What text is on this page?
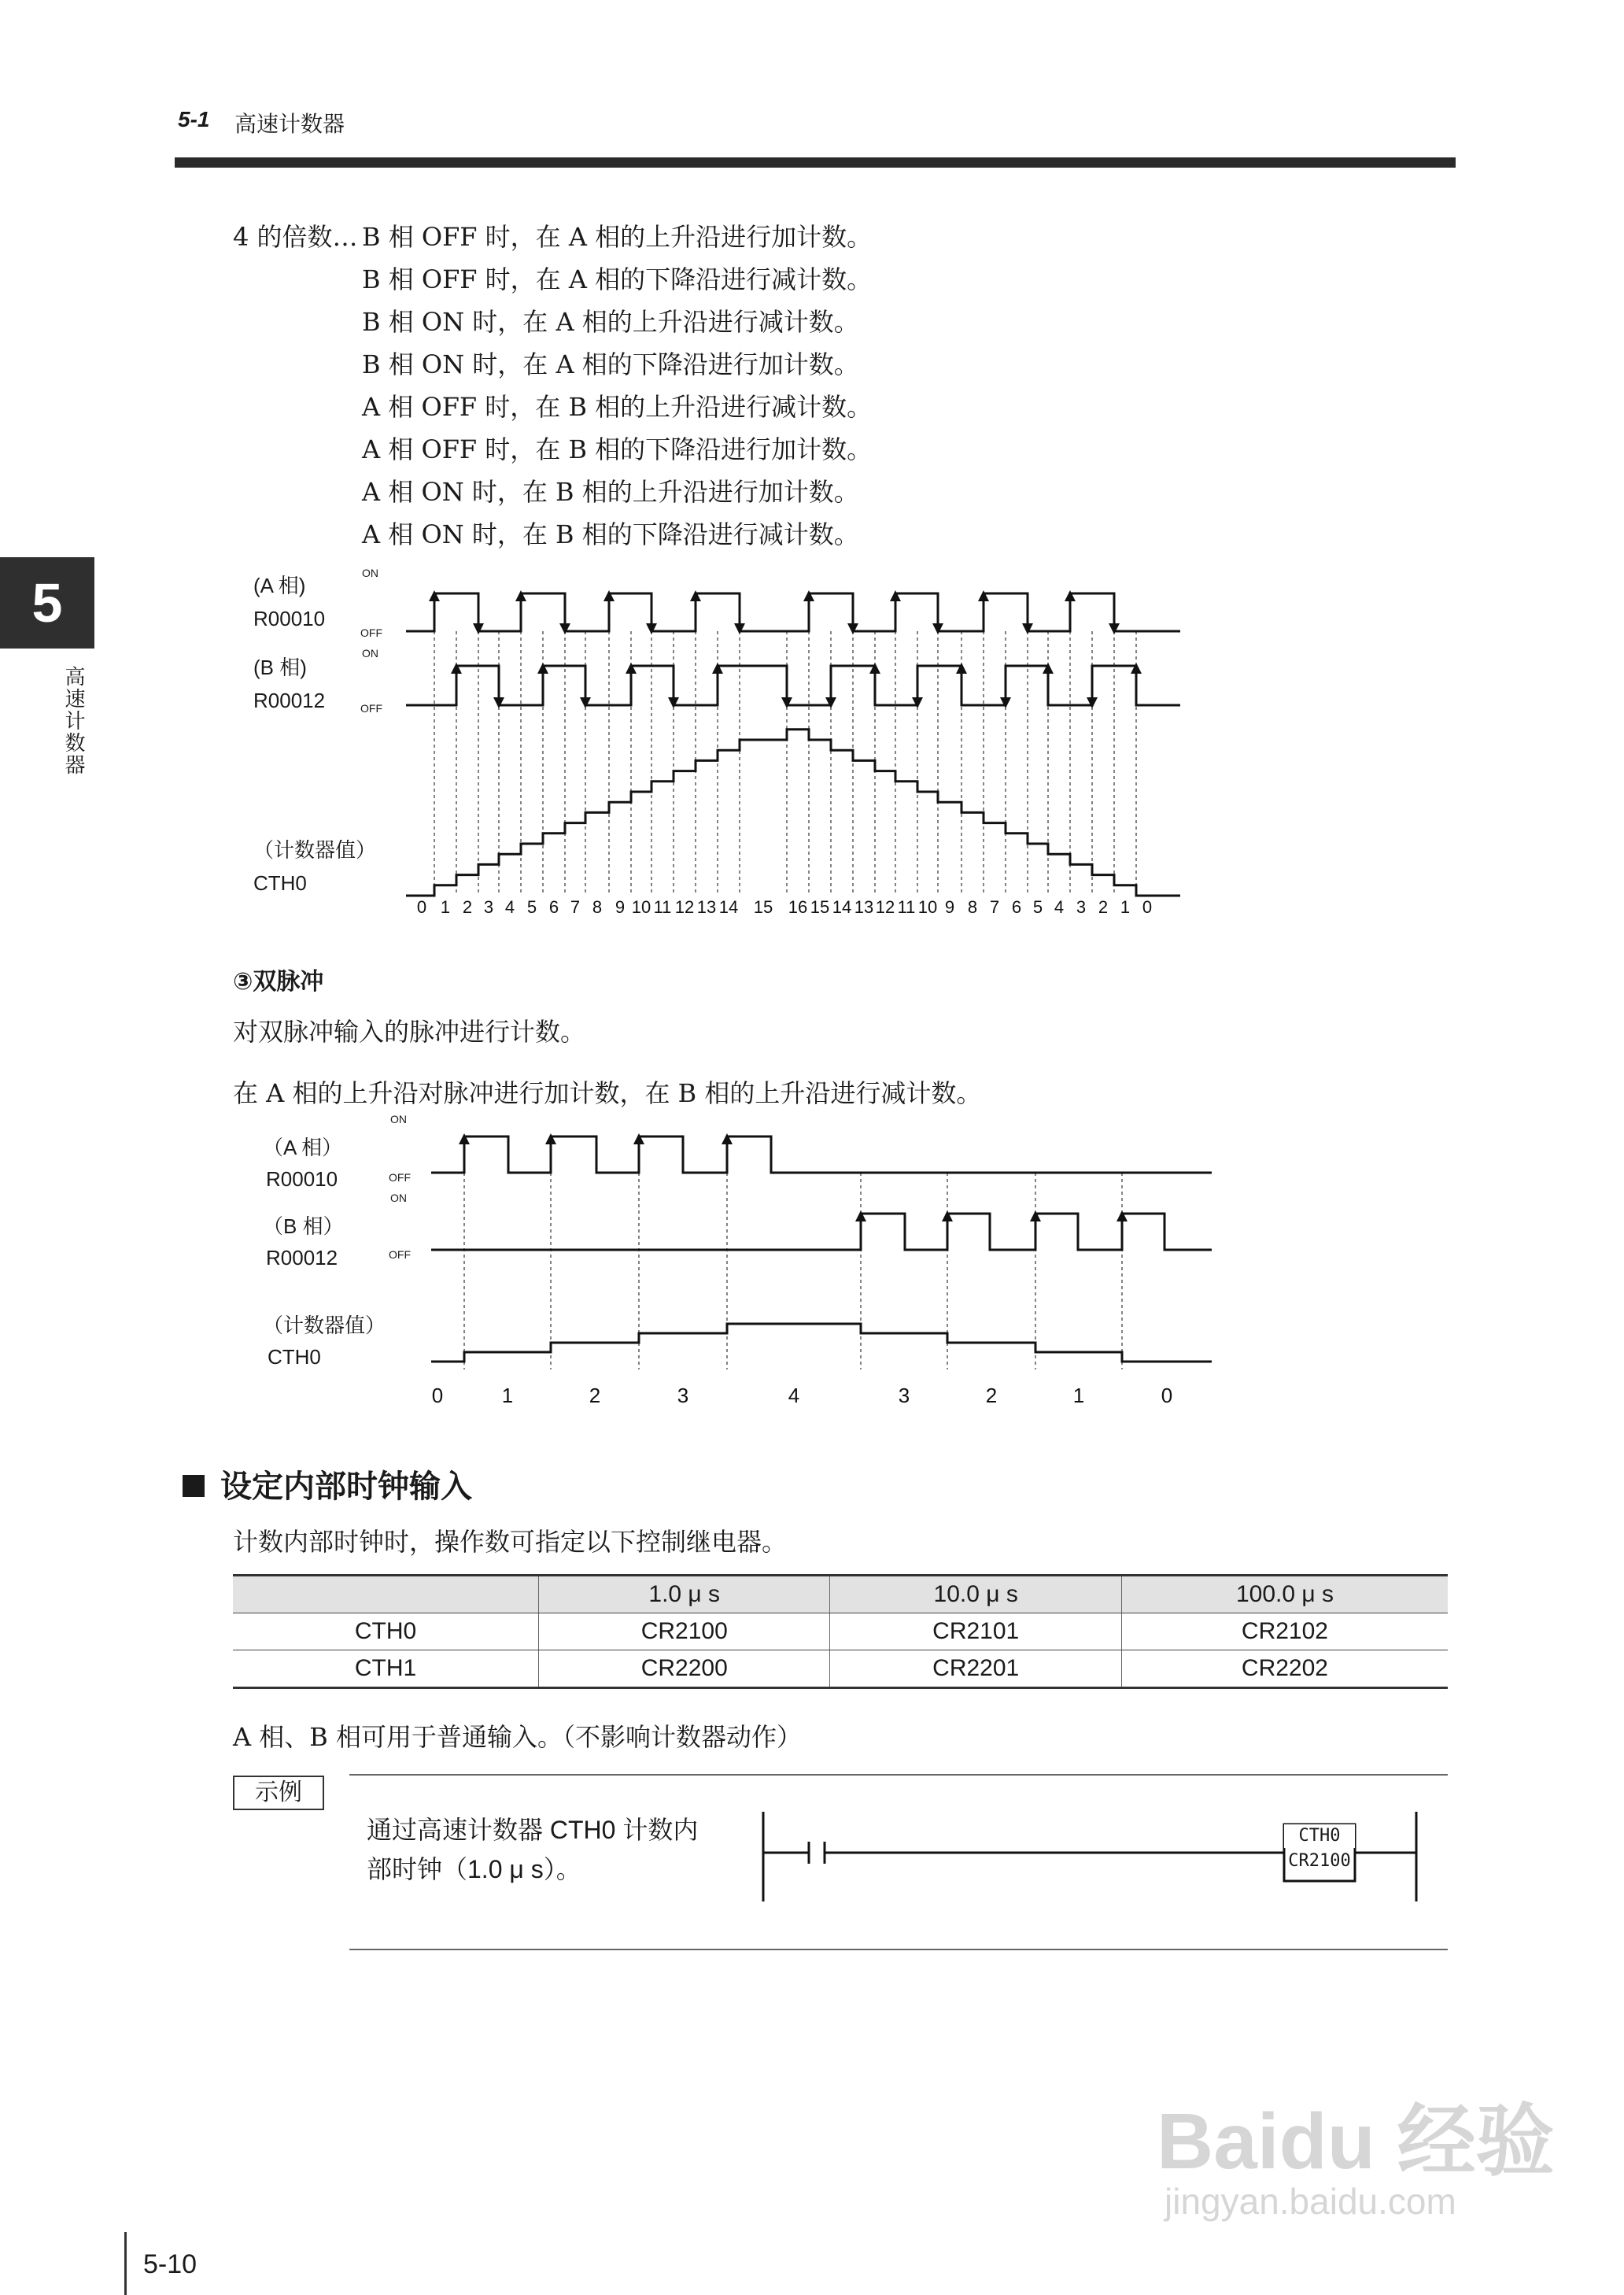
5-1 高速计数器
5
高速计数器
4 的倍数… B 相 OFF 时，在 A 相的上升沿进行加计数。
B 相 OFF 时，在 A 相的下降沿进行减计数。
B 相 ON 时，在 A 相的上升沿进行减计数。
B 相 ON 时，在 A 相的下降沿进行加计数。
A 相 OFF 时，在 B 相的上升沿进行减计数。
A 相 OFF 时，在 B 相的下降沿进行加计数。
A 相 ON 时，在 B 相的上升沿进行加计数。
A 相 ON 时，在 B 相的下降沿进行减计数。
(A 相)
R00010
(B 相)
R00012
（计数器值）
CTH0
ON
OFF
ON
OFF
0 1 2 3 4 5 6 7 8 9 10 11 12 13 14 15 16 15 14 13 12 11 10 9 8 7 6 5 4 3 2 1 0
③双脉冲
对双脉冲输入的脉冲进行计数。
在 A 相的上升沿对脉冲进行加计数，在 B 相的上升沿进行减计数。
（A 相）
R00010
（B 相）
R00012
（计数器值）
CTH0
ON
OFF
ON
OFF
0	1	2	3	4	3	2	1	0
设定内部时钟输入
计数内部时钟时，操作数可指定以下控制继电器。
	1.0 μ s	10.0 μ s	100.0 μ s
CTH0	CR2100	CR2101	CR2102
CTH1	CR2200	CR2201	CR2202
A 相、B 相可用于普通输入。（不影响计数器动作）
示例
通过高速计数器 CTH0 计数内
部时钟（1.0 μ s）。
CTH0
CR2100
Baidu 经验
jingyan.baidu.com
5-10
